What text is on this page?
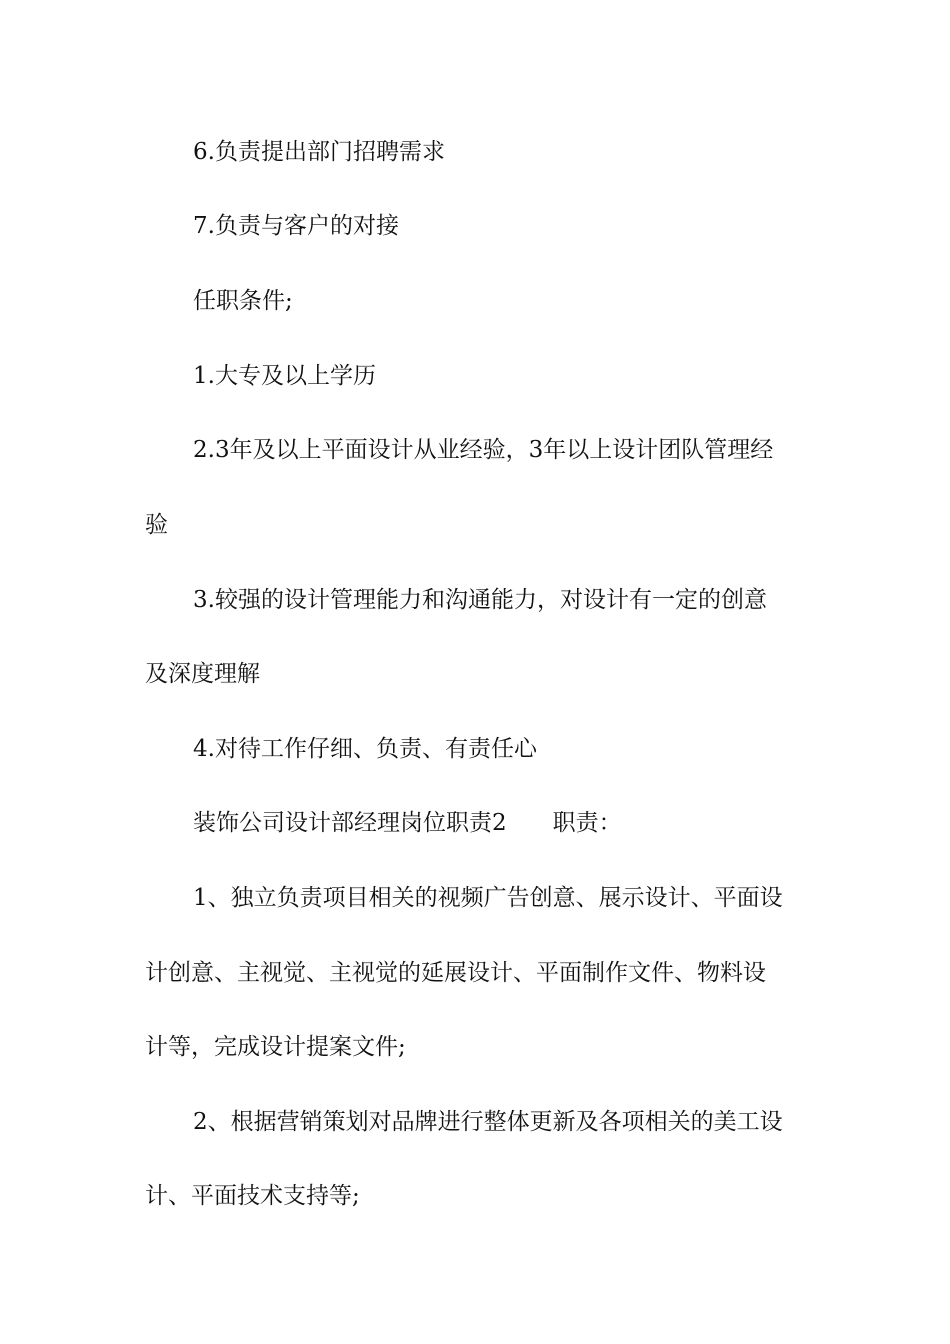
6.负责提出部门招聘需求
7.负责与客户的对接
任职条件;
1.大专及以上学历
2.3年及以上平面设计从业经验，3年以上设计团队管理经
验
3.较强的设计管理能力和沟通能力，对设计有一定的创意
及深度理解
4.对待工作仔细、负责、有责任心
装饰公司设计部经理岗位职责2 职责：
1、独立负责项目相关的视频广告创意、展示设计、平面设
计创意、主视觉、主视觉的延展设计、平面制作文件、物料设
计等，完成设计提案文件;
2、根据营销策划对品牌进行整体更新及各项相关的美工设
计、平面技术支持等;
